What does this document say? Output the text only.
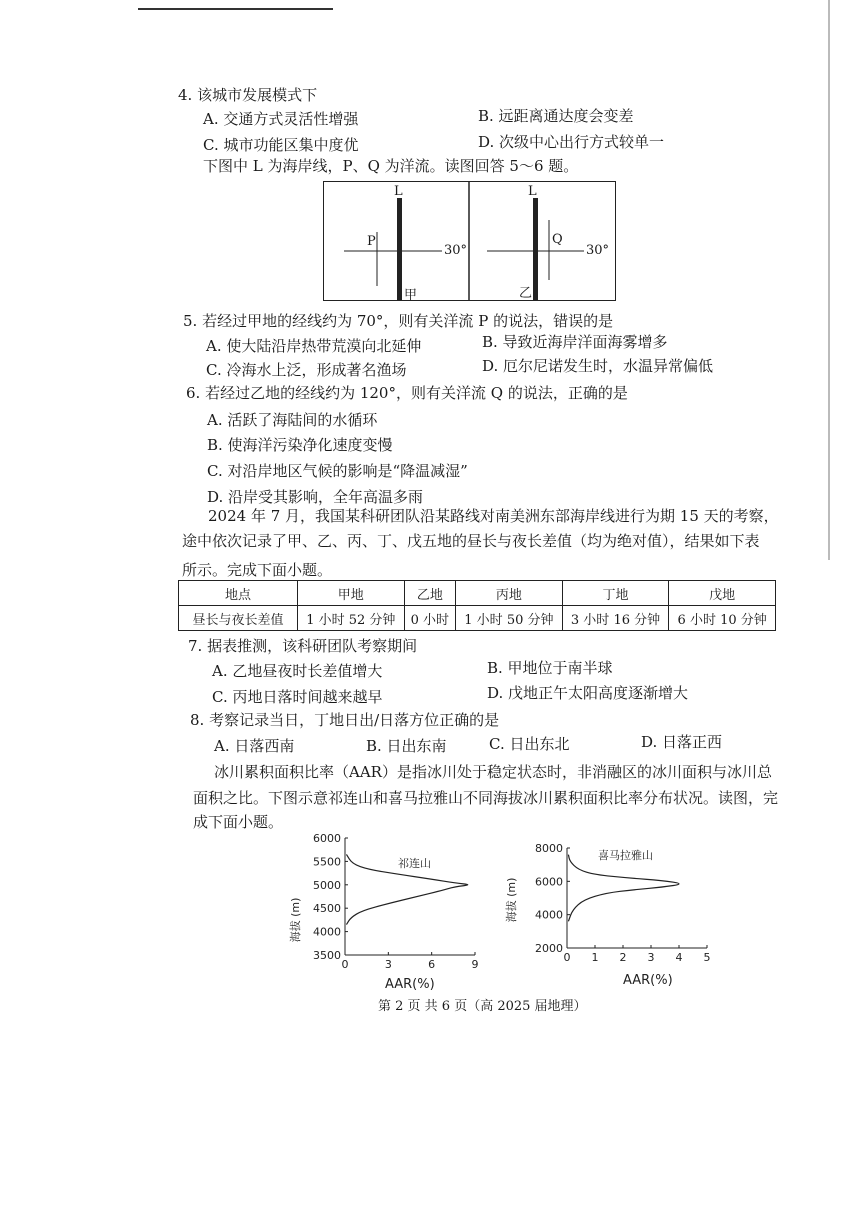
4. 该城市发展模式下
A. 交通方式灵活性增强	B. 远距离通达度会变差
C. 城市功能区集中度优	D. 次级中心出行方式较单一
下图中 L 为海岸线，P、Q 为洋流。读图回答 5～6 题。
L
P
30°
甲
L
Q
30°
乙
5. 若经过甲地的经线约为 70°，则有关洋流 P 的说法，错误的是
A. 使大陆沿岸热带荒漠向北延伸	B. 导致近海岸洋面海雾增多
C. 冷海水上泛，形成著名渔场	D. 厄尔尼诺发生时，水温异常偏低
6. 若经过乙地的经线约为 120°，则有关洋流 Q 的说法，正确的是
A. 活跃了海陆间的水循环
B. 使海洋污染净化速度变慢
C. 对沿岸地区气候的影响是“降温减湿”
D. 沿岸受其影响，全年高温多雨
2024 年 7 月，我国某科研团队沿某路线对南美洲东部海岸线进行为期 15 天的考察，
途中依次记录了甲、乙、丙、丁、戊五地的昼长与夜长差值（均为绝对值），结果如下表
所示。完成下面小题。
地点	甲地	乙地	丙地	丁地	戊地
昼长与夜长差值	1 小时 52 分钟	0 小时	1 小时 50 分钟	3 小时 16 分钟	6 小时 10 分钟
7. 据表推测，该科研团队考察期间
A. 乙地昼夜时长差值增大	B. 甲地位于南半球
C. 丙地日落时间越来越早	D. 戊地正午太阳高度逐渐增大
8. 考察记录当日，丁地日出/日落方位正确的是
A. 日落西南	B. 日出东南	C. 日出东北	D. 日落正西
冰川累积面积比率（AAR）是指冰川处于稳定状态时，非消融区的冰川面积与冰川总
面积之比。下图示意祁连山和喜马拉雅山不同海拔冰川累积面积比率分布状况。读图，完
成下面小题。
0	3	6	9
3500
4000
4500
5000
5500
6000
祁连山
AAR(%)
海拔 (m)
0 1 2 3 4 5
2000
4000
6000
8000
喜马拉雅山
AAR(%)
海拔 (m)
第 2 页 共 6 页（高 2025 届地理）
